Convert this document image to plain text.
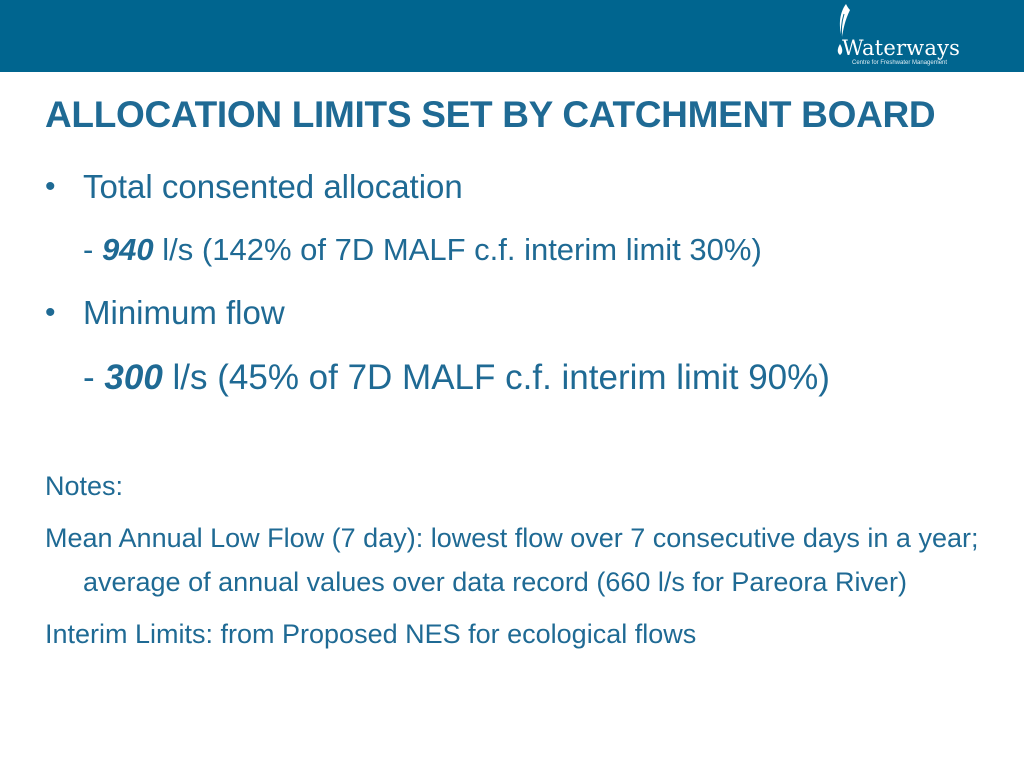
Waterways
Centre for Freshwater Management
ALLOCATION LIMITS SET BY CATCHMENT BOARD
• Total consented allocation
- 940 l/s (142% of 7D MALF c.f. interim limit 30%)
• Minimum flow
- 300 l/s (45% of 7D MALF c.f. interim limit 90%)

Notes:

Mean Annual Low Flow (7 day): lowest flow over 7 consecutive days in a year; average of annual values over data record (660 l/s for Pareora River)

Interim Limits: from Proposed NES for ecological flows
